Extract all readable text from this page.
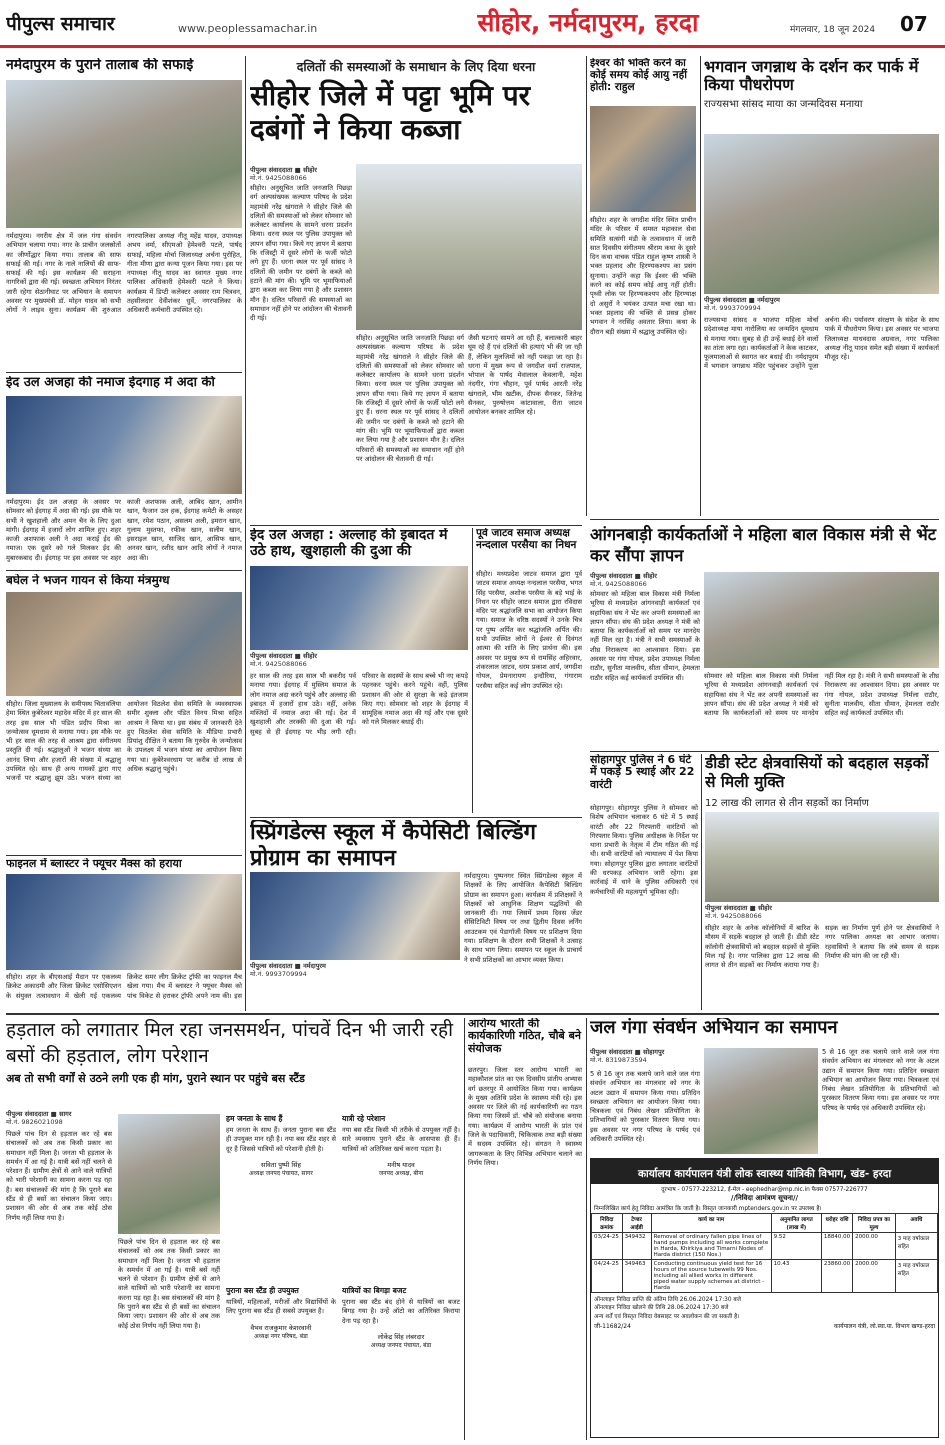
पीपुल्स समाचार	www.peoplessamachar.in	सीहोर, नर्मदापुरम, हरदा	मंगलवार, 18 जून 2024 07
नर्मदापुरम के पुराने तालाब की सफाई
नर्मदापुरम। नगरीय क्षेत्र में जल गंगा संवर्धन अभियान चलाया गया। नगर के प्राचीन जलस्रोतों का जीर्णोद्धार किया गया। तालाब की साफ सफाई की गई। नगर के नाले नालियों की साफ-सफाई की गई। इस कार्यक्रम की सराहना नागरिकों द्वारा की गई। स्वच्छता अभियान निरंतर जारी रहेगा सेठानीघाट पर अभियान के समापन अवसर पर मुख्यमंत्री डॉ. मोहन यादव को सभी लोगों ने लाइव सुना। कार्यक्रम की शुरुआत नगरपालिका अध्यक्ष नीतू महेंद्र यादव, उपाध्यक्ष अभय वर्मा, सीएमओ हेमेश्वरी पटले, पार्षद सफाई, महिला मोर्चा जिलाध्यक्ष अर्चना पुरोहित, गीता मीणा द्वारा कन्या पूजन किया गया। इस पर नपाध्यक्ष नीतू यादव का स्वागत मुख्य नगर पालिका अधिकारी हेमेश्वरी पटले ने किया। कार्यक्रम में डिप्टी कलेक्टर अवसर राम चित्रवन, तहसीलदार देवीशंकर धुर्वे, नगरपालिका के अधिकारी कर्मचारी उपस्थित रहे।
ईद उल अजहा की नमाज ईदगाह में अदा की
नर्मदापुरम। ईद उल अजहा के अवसर पर सोमवार को ईदगाह में अदा की गई। इस मौके पर सभी ने खुशहाली और अमन चैन के लिए दुआ मांगी। ईदगाह में हजारों लोग शामिल हुए। शहर काजी अशफाक अली ने अदा कराई ईद की नमाज। एक दूसरे को गले मिलकर ईद की मुबारकबाद दी। ईदगाह पर इस अवसर पर शहर काजी अशफाक अली, आबिद खान, आमीन खान, फैजान उल हक, ईदगाह कमेटी के असहर खान, रमेश पठान, असलम अली, इमरान खान, गुलाम मुस्तफा, रफीक खान, सलीम खान, इसराइल खान, साजिद खान, आसिफ खान, अनवर खान, रशीद खान आदि लोगों ने नमाज अदा की।
बघेल ने भजन गायन से किया मंत्रमुग्ध
सीहोर। जिला मुख्यालय के समीपस्थ चितावलिया हेमा स्थित कुबेरेश्वर महादेव मंदिर में हर साल की तरह इस साल भी पंडित प्रदीप मिश्रा का जन्मोत्सव धूमधाम से मनाया गया। इस मौके पर भी हर साल की तरह से आश्रम द्वारा संगीतमय प्रस्तुति दी गई। श्रद्धालुओं ने भजन संध्या का आनंद लिया और हजारों की संख्या में श्रद्धालु उपस्थित रहे। साथ ही अन्य गायकों द्वारा गाए भजनों पर श्रद्धालु झूम उठे। भजन संध्या का आयोजन विठलेश सेवा समिति के व्यवस्थापक समीर शुक्ला और पंडित विनय मिश्रा सहित आश्रम ने किया था। इस संबंध में जानकारी देते हुए विठलेश सेवा समिति के मीडिया प्रभारी प्रियांशु दीक्षित ने बताया कि गुरुदेव के जन्मोत्सव के उपलक्ष्य में भजन संध्या का आयोजन किया गया था। कुबेरेश्वरधाम पर करीब दो लाख से अधिक श्रद्धालु पहुंचे।
फाइनल में ब्लास्टर ने फ्यूचर मैक्स को हराया
सीहोर। शहर के बीएसआई मैदान पर एकलव्य क्रिकेट अकादमी और जिला क्रिकेट एसोसिएशन के संयुक्त तत्वावधान में खेली गई एकलव्य क्रिकेट समर लीग क्रिकेट ट्रॉफी का फाइनल मैच खेला गया। मैच में ब्लास्टर ने फ्यूचर मैक्स को पांच विकेट से हराकर ट्रॉफी अपने नाम की। इस
दलितों की समस्याओं के समाधान के लिए दिया धरना
सीहोर जिले में पट्टा भूमि पर दबंगों ने किया कब्जा
पीपुल्स संवाददाता ■ सीहोर
मो.नं. 9425088066
सीहोर। अनुसूचित जाति जनजाति पिछड़ा वर्ग अल्पसंख्यक कल्याण परिषद के प्रदेश महामंत्री नरेंद्र खंगराले ने सीहोर जिले की दलितों की समस्याओं को लेकर सोमवार को कलेक्टर कार्यालय के सामने धरना प्रदर्शन किया। धरना स्थल पर पुलिस उपायुक्त को ज्ञापन सौंपा गया। किये गए ज्ञापन में बताया कि रजिस्ट्री में दूसरे लोगों के फर्जी फोटो लगे हुए हैं। धरना स्थल पर पूर्व सांसद ने दलितों की जमीन पर दबंगों के कब्जे को हटाने की मांग की। भूमि पर भूमाफियाओं द्वारा कब्जा कर लिया गया है और प्रशासन मौन है। दलित परिवारों की समस्याओं का समाधान नहीं होने पर आंदोलन की चेतावनी दी गई।
सीहोर। अनुसूचित जाति जनजाति पिछड़ा वर्ग अल्पसंख्यक कल्याण परिषद के प्रदेश महामंत्री नरेंद्र खंगराले ने सीहोर जिले की दलितों की समस्याओं को लेकर सोमवार को कलेक्टर कार्यालय के सामने धरना प्रदर्शन किया। धरना स्थल पर पुलिस उपायुक्त को ज्ञापन सौंपा गया। किये गए ज्ञापन में बताया कि रजिस्ट्री में दूसरे लोगों के फर्जी फोटो लगे हुए हैं। धरना स्थल पर पूर्व सांसद ने दलितों की जमीन पर दबंगों के कब्जे को हटाने की मांग की। भूमि पर भूमाफियाओं द्वारा कब्जा कर लिया गया है और प्रशासन मौन है। दलित परिवारों की समस्याओं का समाधान नहीं होने पर आंदोलन की चेतावनी दी गई।
जैसी घटनाएं सामने आ रही हैं, बलात्कारी बाहर घूम रहे हैं एवं दलितों की हत्याएं भी की जा रही हैं, लेकिन मुलजिमों को नहीं पकड़ा जा रहा है। धरना में मुख्य रूप से जगदीश वर्मा राजपाल, भोपाल के पार्षद मेवालाल केवलानी, महेश नंदगीर, गंगा चौहान, पूर्व पार्षद आरती नरेंद्र खंगराले, भीम खटीक, दीपक सैनकर, जितेन्द्र सैनकर, पुरुषोत्तम कांटावाला, रीता जाटव आयोजन बनकर शामिल रहे।
ईद उल अजहा : अल्लाह की इबादत में उठे हाथ, खुशहाली की दुआ की
पीपुल्स संवाददाता ■ सीहोर
मो.नं. 9425088066
हर साल की तरह इस साल भी बकरीद पर्व मनाया गया। ईदगाह में मुस्लिम समाज के लोग नमाज अदा करने पहुंचे और अल्लाह की इबादत में हजारों हाथ उठे। वहीं, अनेक मस्जिदों में नमाज अदा की गई। देश में खुशहाली और तरक्की की दुआ की गई। सुबह से ही ईदगाह पर भीड़ लगी रही। परिवार के सदस्यों के साथ बच्चे भी नए कपड़े पहनकर पहुंचे। करने पहुंचे। वहीं, पुलिस प्रशासन की ओर से सुरक्षा के कड़े इंतजाम किए गए। सोमवार को शहर के ईदगाह में सामूहिक नमाज अदा की गई और एक दूसरे को गले मिलकर बधाई दी।
पूर्व जाटव समाज अध्यक्ष नन्दलाल परसैया का निधन
सीहोर। मध्यप्रदेश जाटव समाज द्वारा पूर्व जाटव समाज अध्यक्ष नन्दलाल परसैया, भगत सिंह परसैया, अशोक परसैया के बड़े भाई के निधन पर सीहोर जाटव समाज द्वारा रविदास मंदिर पर श्रद्धांजलि सभा का आयोजन किया गया। समाज के वरिष्ठ सदस्यों ने उनके चित्र पर पुष्प अर्पित कर श्रद्धांजलि अर्पित की। सभी उपस्थित लोगों ने ईश्वर से दिवंगत आत्मा की शांति के लिए प्रार्थना की। इस अवसर पर प्रमुख रूप से रामसिंह अहिरवार, शंकरलाल जाटव, धरम प्रकाश आर्य, जगदीश गोयल, प्रेमनारायण इन्दौरिया, गंगाराम परसैया सहित कई लोग उपस्थित रहे।
ईश्वर की भक्ति करने का कोई समय कोई आयु नहीं होती: राहुल
सीहोर। शहर के जगदीश मंदिर स्थित प्राचीन मंदिर के परिसर में समस्त महाकाल सेवा समिति सत्संगी मंडी के तत्वावधान में जारी सात दिवसीय संगीतमय श्रीराम कथा के दूसरे दिन कथा वाचक पंडित राहुल कृष्ण शास्त्री ने भक्त प्रहलाद और हिरण्यकश्यप का प्रसंग सुनाया। उन्होंने कहा कि ईश्वर की भक्ति करने का कोई समय कोई आयु नहीं होती। पृथ्वी लोक पर हिरण्यकश्यप और हिरण्याक्ष दो असुरों ने भयंकर उत्पात मचा रखा था। भक्त प्रहलाद की भक्ति से प्रसन्न होकर भगवान ने नरसिंह अवतार लिया। कथा के दौरान बड़ी संख्या में श्रद्धालु उपस्थित रहे।
भगवान जगन्नाथ के दर्शन कर पार्क में किया पौधरोपण
राज्यसभा सांसद माया का जन्मदिवस मनाया
पीपुल्स संवाददाता ■ नर्मदापुरम
मो.नं. 9993709994
राज्यसभा सांसद व भाजपा महिला मोर्चा प्रदेशाध्यक्ष माया नारोलिया का जन्मदिन धूमधाम से मनाया गया। सुबह से ही उन्हें बधाई देने वालों का तांता लगा रहा। कार्यकर्ताओं ने केक काटकर, फूलमालाओं से स्वागत कर बधाई दी। नर्मदापुरम में भगवान जगन्नाथ मंदिर पहुंचकर उन्होंने पूजा अर्चना की। पर्यावरण संरक्षण के संदेश के साथ पार्क में पौधरोपण किया। इस अवसर पर भाजपा जिलाध्यक्ष माधवदास अग्रवाल, नगर पालिका अध्यक्ष नीतू यादव समेत बड़ी संख्या में कार्यकर्ता मौजूद रहे।
आंगनबाड़ी कार्यकर्ताओं ने महिला बाल विकास मंत्री से भेंट कर सौंपा ज्ञापन
पीपुल्स संवाददाता ■ सीहोर
मो.नं. 9425088066
सोमवार को महिला बाल विकास मंत्री निर्मला भूरिया से मध्यप्रदेश आंगनवाड़ी कार्यकर्ता एवं सहायिका संघ ने भेंट कर अपनी समस्याओं का ज्ञापन सौंपा। संघ की प्रदेश अध्यक्ष ने मंत्री को बताया कि कार्यकर्ताओं को समय पर मानदेय नहीं मिल रहा है। मंत्री ने सभी समस्याओं के शीघ्र निराकरण का आश्वासन दिया। इस अवसर पर गंगा गोयल, प्रदेश उपाध्यक्ष निर्मला राठौर, सुनीता मालवीय, सीता धीमान, हेमलता राठौर सहित कई कार्यकर्ता उपस्थित थीं।	सोमवार को महिला बाल विकास मंत्री निर्मला भूरिया से मध्यप्रदेश आंगनवाड़ी कार्यकर्ता एवं सहायिका संघ ने भेंट कर अपनी समस्याओं का ज्ञापन सौंपा। संघ की प्रदेश अध्यक्ष ने मंत्री को बताया कि कार्यकर्ताओं को समय पर मानदेय नहीं मिल रहा है। मंत्री ने सभी समस्याओं के शीघ्र निराकरण का आश्वासन दिया। इस अवसर पर गंगा गोयल, प्रदेश उपाध्यक्ष निर्मला राठौर, सुनीता मालवीय, सीता धीमान, हेमलता राठौर सहित कई कार्यकर्ता उपस्थित थीं।
सोहागपुर पुलिस ने 6 घंटे में पकड़े 5 स्थाई और 22 वारंटी
सोहागपुर। सोहागपुर पुलिस ने सोमवार को विशेष अभियान चलाकर 6 घंटे में 5 स्थाई वारंटी और 22 गिरफ्तारी वारंटियों को गिरफ्तार किया। पुलिस अधीक्षक के निर्देश पर थाना प्रभारी के नेतृत्व में टीम गठित की गई थी। सभी वारंटियों को न्यायालय में पेश किया गया। सोहागपुर पुलिस द्वारा लगातार वारंटियों की धरपकड़ अभियान जारी रहेगा। इस कार्रवाई में थाने के पुलिस अधिकारी एवं कर्मचारियों की महत्वपूर्ण भूमिका रही।
डीडी स्टेट क्षेत्रवासियों को बदहाल सड़कों से मिली मुक्ति
12 लाख की लागत से तीन सड़कों का निर्माण
पीपुल्स संवाददाता ■ सीहोर
मो.नं. 9425088066
सीहोर शहर के अनेक कॉलोनियों में बारिश के मौसम में सड़कें बदहाल हो जाती हैं। डीडी स्टेट कॉलोनी क्षेत्रवासियों को बदहाल सड़कों से मुक्ति मिल गई है। नगर पालिका द्वारा 12 लाख की लागत से तीन सड़कों का निर्माण कराया गया है। सड़क का निर्माण पूर्ण होने पर क्षेत्रवासियों ने नगर पालिका अध्यक्ष का आभार जताया। रहवासियों ने बताया कि लंबे समय से सड़क निर्माण की मांग की जा रही थी।
स्प्रिंगडेल्स स्कूल में कैपेसिटी बिल्डिंग प्रोग्राम का समापन
पीपुल्स संवाददाता ■ नर्मदापुरम
मो.नं. 9993709994
नर्मदापुरम। पुष्पनगर स्थित स्प्रिंगडेल्स स्कूल में शिक्षकों के लिए आयोजित कैपेसिटी बिल्डिंग प्रोग्राम का समापन हुआ। कार्यक्रम में प्रशिक्षकों ने शिक्षकों को आधुनिक शिक्षण पद्धतियों की जानकारी दी। गया जिसमें प्रथम दिवस जेंडर सेंसिटिविटी विषय पर तथा द्वितीय दिवस लर्निंग आउटकम एवं पेडागॉजी विषय पर प्रशिक्षण दिया गया। प्रशिक्षण के दौरान सभी शिक्षकों ने उत्साह के साथ भाग लिया। समापन पर स्कूल के प्राचार्य ने सभी प्रशिक्षकों का आभार व्यक्त किया।
हड़ताल को लगातार मिल रहा जनसमर्थन, पांचवें दिन भी जारी रही बसों की हड़ताल, लोग परेशान
अब तो सभी वर्गों से उठने लगी एक ही मांग, पुराने स्थान पर पहुंचे बस स्टैंड
पीपुल्स संवाददाता ■ सागर
मो.नं. 9826021098
पिछले पांच दिन से हड़ताल कर रहे बस संचालकों को अब तक किसी प्रकार का समाधान नहीं मिला है। जनता भी हड़ताल के समर्थन में आ गई है। यात्री बसें नहीं चलने से परेशान हैं। ग्रामीण क्षेत्रों से आने वाले यात्रियों को भारी परेशानी का सामना करना पड़ रहा है। बस संचालकों की मांग है कि पुराने बस स्टैंड से ही बसों का संचालन किया जाए। प्रशासन की ओर से अब तक कोई ठोस निर्णय नहीं लिया गया है।
पिछले पांच दिन से हड़ताल कर रहे बस संचालकों को अब तक किसी प्रकार का समाधान नहीं मिला है। जनता भी हड़ताल के समर्थन में आ गई है। यात्री बसें नहीं चलने से परेशान हैं। ग्रामीण क्षेत्रों से आने वाले यात्रियों को भारी परेशानी का सामना करना पड़ रहा है। बस संचालकों की मांग है कि पुराने बस स्टैंड से ही बसों का संचालन किया जाए। प्रशासन की ओर से अब तक कोई ठोस निर्णय नहीं लिया गया है।
हम जनता के साथ हैं
हम जनता के साथ हैं। जनता पुराना बस स्टैंड ही उपयुक्त मान रही है। नया बस स्टैंड शहर से दूर है जिससे यात्रियों को परेशानी होती है।
सविता पुष्पी सिंह
अध्यक्ष जनपद पंचायत, सागर
यात्री रहे परेशान
नया बस स्टैंड किसी भी तरीके से उपयुक्त नहीं है। सारे व्यवसाय पुराने स्टैंड के आसपास ही हैं। यात्रियों को अतिरिक्त खर्च करना पड़ता है।
मनीष यादव
जनपद अध्यक्ष, बीना
पुराना बस स्टैंड ही उपयुक्त
यात्रियों, महिलाओं, मरीजों और विद्यार्थियों के लिए पुराना बस स्टैंड ही सबसे उपयुक्त है।
वैभव राजकुमार केशरवानी
अध्यक्ष नगर परिषद, बंडा
यात्रियों का बिगड़ा बजट
पुराना बस स्टैंड बंद होने से यात्रियों का बजट बिगड़ गया है। उन्हें ऑटो का अतिरिक्त किराया देना पड़ रहा है।
लोकेंद्र सिंह लंबरदार
अध्यक्ष जनपद पंचायत, बंडा
आरोग्य भारती की कार्यकारिणी गठित, चौबे बने संयोजक
छतरपुर। जिला स्तर आरोग्य भारती का महाकौशल प्रांत का एक दिवसीय प्रांतीय अभ्यास वर्ग छतरपुर में आयोजित किया गया। कार्यक्रम के मुख्य अतिथि प्रदेश के स्वास्थ्य मंत्री रहे। इस अवसर पर जिले की नई कार्यकारिणी का गठन किया गया जिसमें डॉ. चौबे को संयोजक बनाया गया। कार्यक्रम में आरोग्य भारती के प्रांत एवं जिले के पदाधिकारी, चिकित्सक तथा बड़ी संख्या में सदस्य उपस्थित रहे। संगठन ने स्वास्थ्य जागरूकता के लिए विभिन्न अभियान चलाने का निर्णय लिया।
जल गंगा संवर्धन अभियान का समापन
पीपुल्स संवाददाता ■ सोहागपुर
मो.नं. 8319873594
5 से 16 जून तक चलाये जाने वाले जल गंगा संवर्धन अभियान का मंगलवार को नगर के अटल उद्यान में समापन किया गया। प्रतिदिन स्वच्छता अभियान का आयोजन किया गया। चित्रकला एवं निबंध लेखन प्रतियोगिता के प्रतिभागियों को पुरस्कार वितरण किया गया। इस अवसर पर नगर परिषद के पार्षद एवं अधिकारी उपस्थित रहे।
5 से 16 जून तक चलाये जाने वाले जल गंगा संवर्धन अभियान का मंगलवार को नगर के अटल उद्यान में समापन किया गया। प्रतिदिन स्वच्छता अभियान का आयोजन किया गया। चित्रकला एवं निबंध लेखन प्रतियोगिता के प्रतिभागियों को पुरस्कार वितरण किया गया। इस अवसर पर नगर परिषद के पार्षद एवं अधिकारी उपस्थित रहे।
कार्यालय कार्यपालन यंत्री लोक स्वास्थ्य यांत्रिकी विभाग, खंड- हरदा
दूरभाष - 07577-223212, ई-मेल - eephedhar@mp.nic.in फैक्स 07577-226777
//निविदा आमंत्रण सूचना//
निम्नलिखित कार्य हेतु निविदा आमंत्रित कि जाती है। विस्तृत जानकारी mptenders.gov.in पर उपलब्ध है।
निविदा क्रमांक	टेण्डर आईडी	कार्य का नाम	अनुमानित लागत (लाख में)	धरोहर राशि	निविदा प्रपत्र का मूल्य	अवधि
03/24-25	349432	Removal of ordinary fallen pipe lines of hand pumps including all works complete in Harda, Khirkiya and Timarni Nodes of Harda district (150 Nos.)	9.52	18840.00	2000.00	3 माह वर्षाकाल सहित
04/24-25	349463	Conducting continuous yield test for 16 hours of the source tubewells 99 Nos. including all allied works in different piped water supply schemes at district - Harda	10.43	23860.00	2000.00	3 माह वर्षाकाल सहित
ऑनलाइन निविदा प्राप्ति की अंतिम तिथि 26.06.2024 17:30 बजे
ऑनलाइन निविदा खोलने की तिथि 28.06.2024 17:30 बजे
अन्य शर्तें एवं विस्तृत निविदा वेबसाइट पर अवलोकन की जा सकती है।
जी-11682/24	कार्यपालन यंत्री, लो.स्वा.या. विभाग खण्ड-हरदा
